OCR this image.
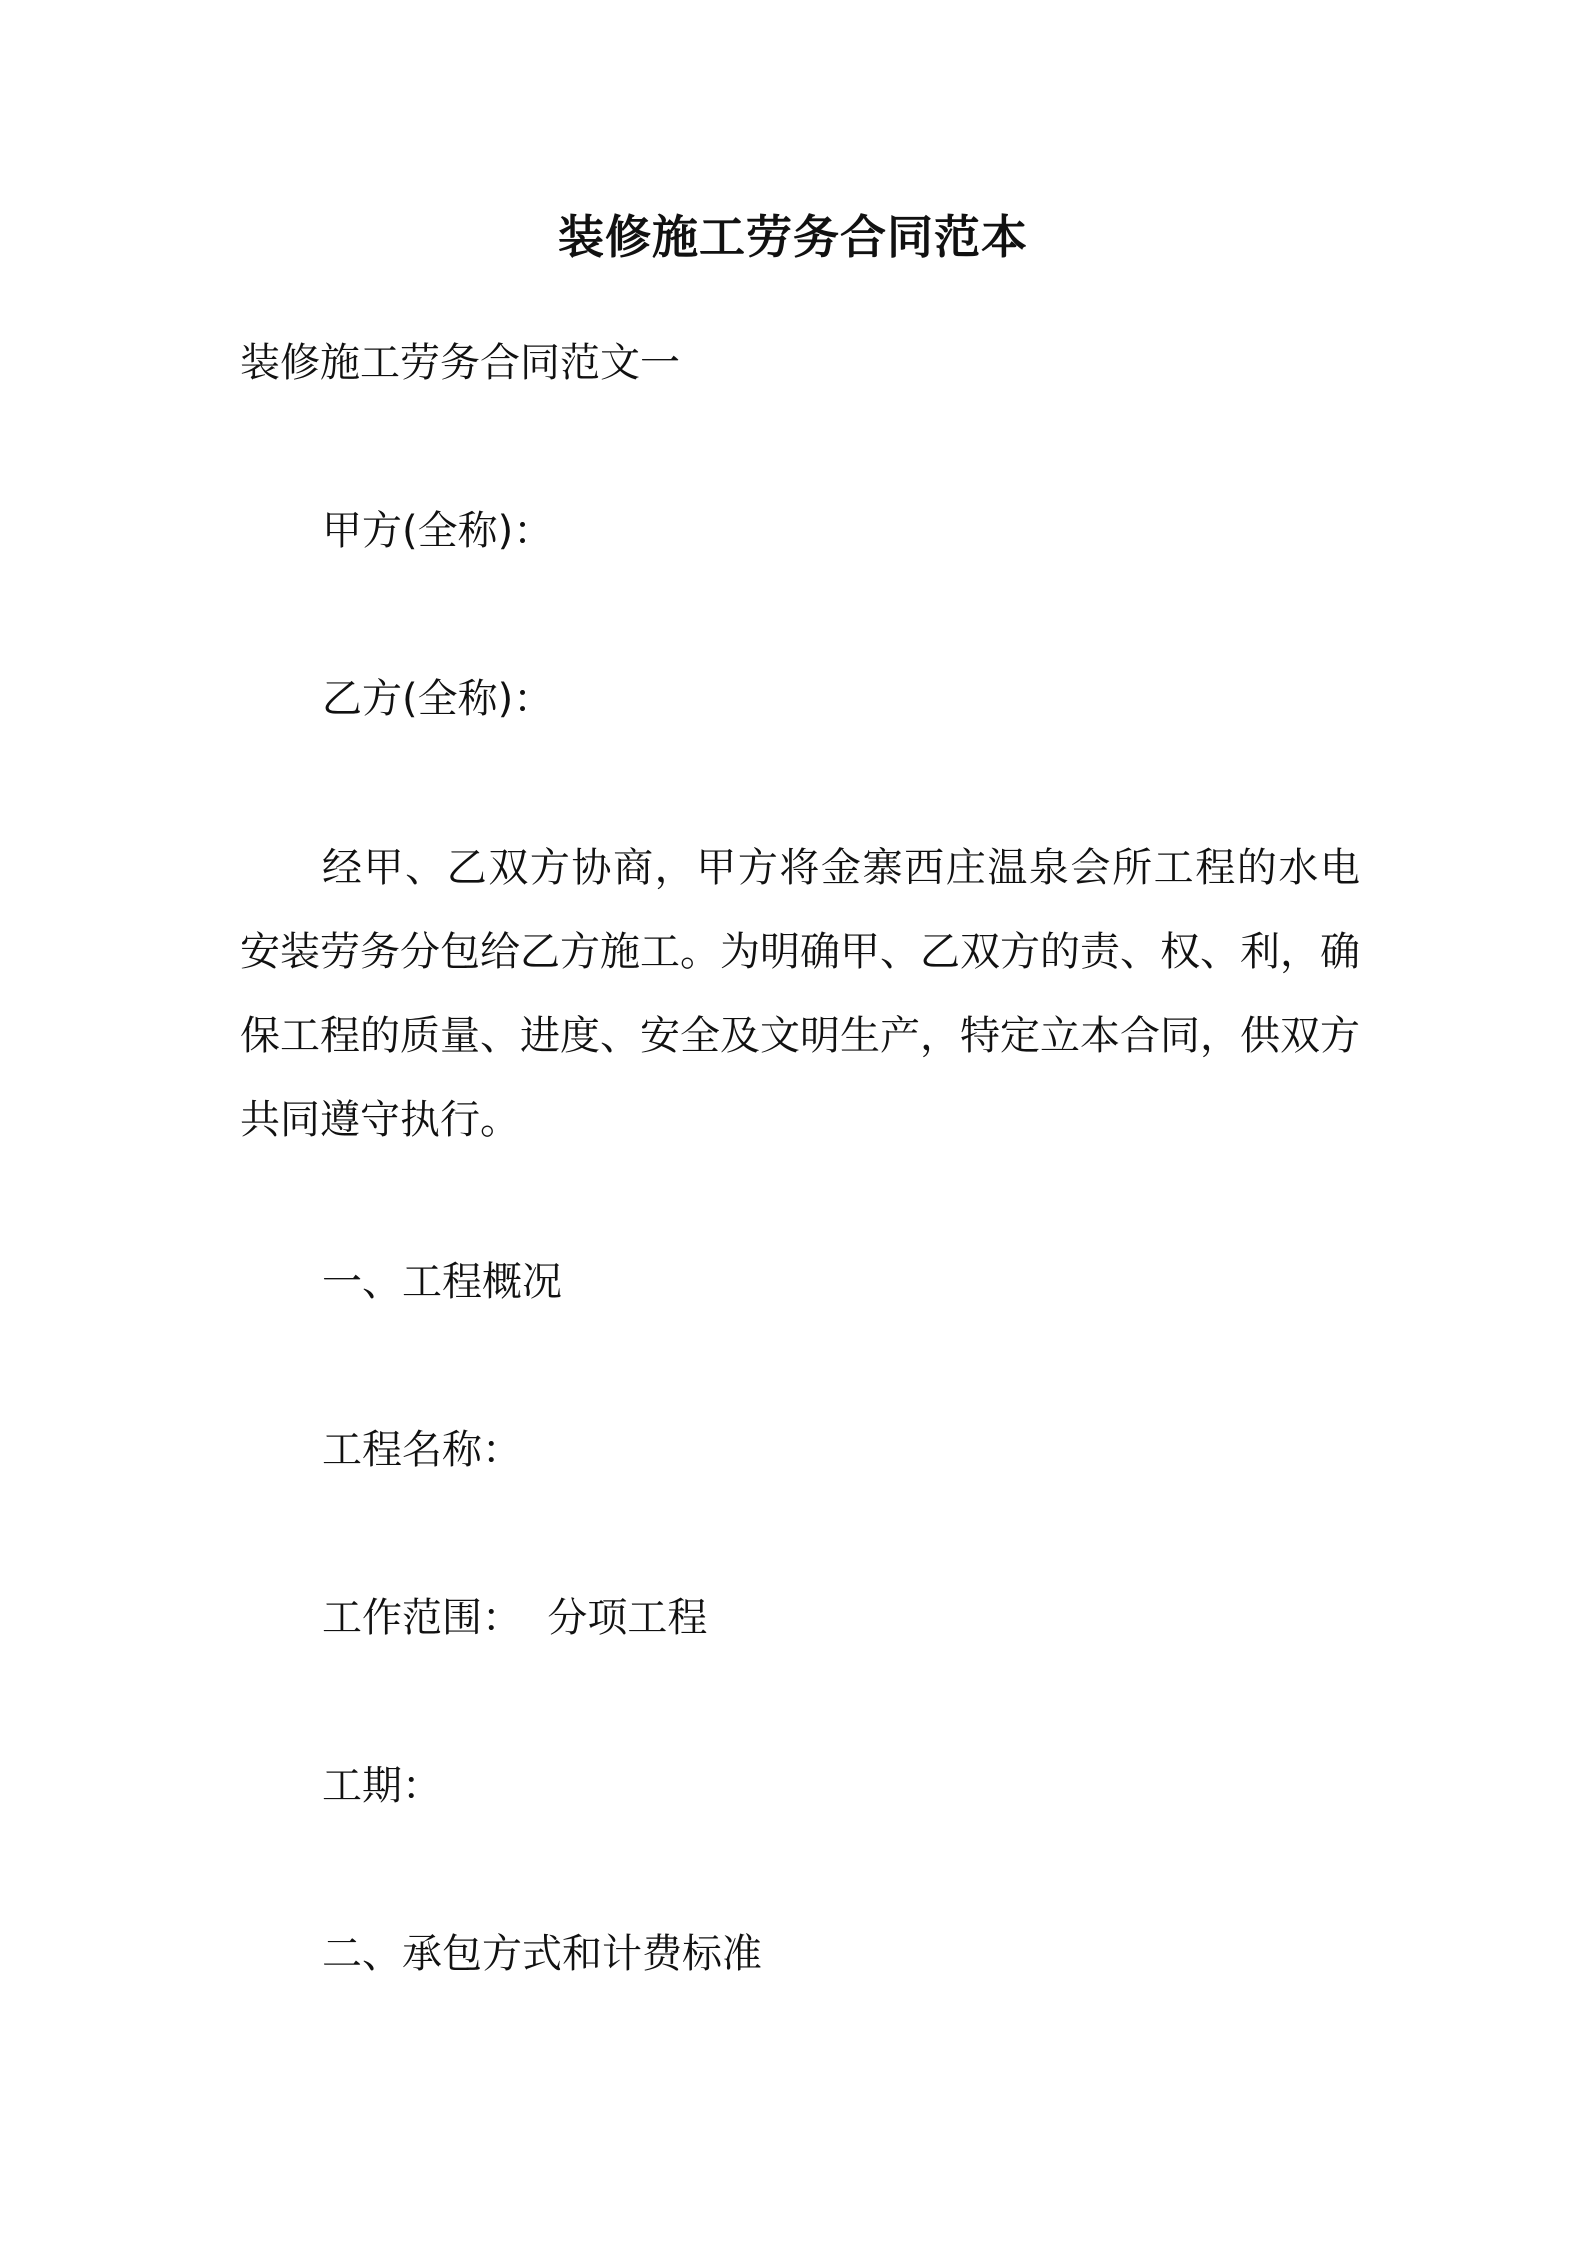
装修施工劳务合同范本
装修施工劳务合同范文一
甲方(全称)：
乙方(全称)：
经甲、乙双方协商，甲方将金寨西庄温泉会所工程的水电安装劳务分包给乙方施工。为明确甲、乙双方的责、权、利，确保工程的质量、进度、安全及文明生产，特定立本合同，供双方共同遵守执行。
一、工程概况
工程名称：
工作范围：  分项工程
工期：
二、承包方式和计费标准
